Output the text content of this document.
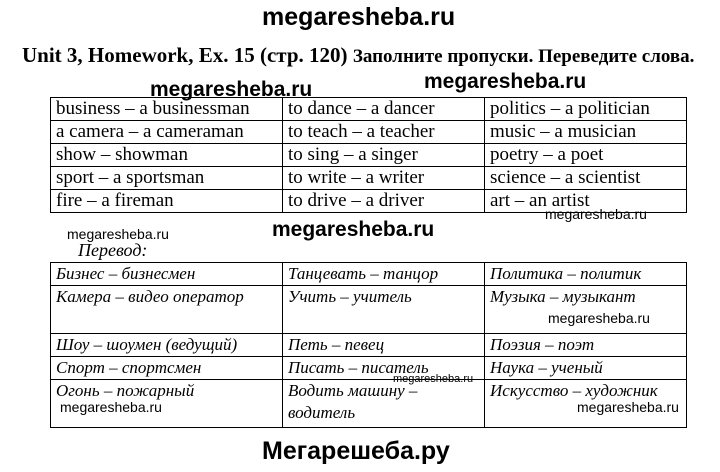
megaresheba.ru
Unit 3, Homework, Ex. 15 (стр. 120) Заполните пропуски. Переведите слова.
megaresheba.ru	megaresheba.ru
business – a businessman	to dance – a dancer	politics – a politician
a camera – a cameraman	to teach – a teacher	music – a musician
show – showman	to sing – a singer	poetry – a poet
sport – a sportsman	to write – a writer	science – a scientist
fire – a fireman	to drive – a driver	art – an artist
megaresheba.ru
megaresheba.ru	megaresheba.ru
Перевод:
Бизнес – бизнесмен	Танцевать – танцор	Политика – политик
Камера – видео оператор	Учить – учитель	Музыка – музыкант
Шоу – шоумен (ведущий)	Петь – певец	Поэзия – поэт
Спорт – спортсмен	Писать – писатель	Наука – ученый
Огонь – пожарный	Водить машину – водитель	Искусство – художник
megaresheba.ru
megaresheba.ru
megaresheba.ru	megaresheba.ru
Мегарешеба.ру
